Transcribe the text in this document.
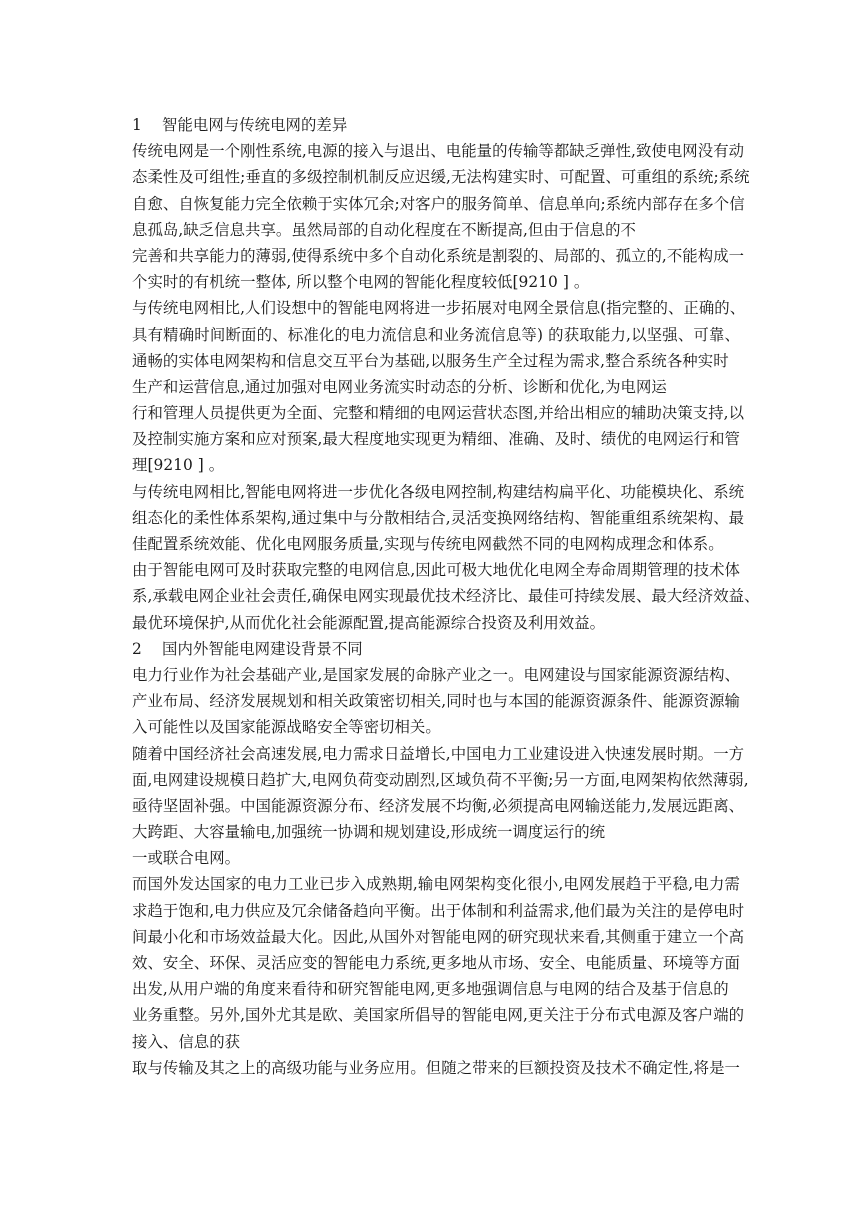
1 智能电网与传统电网的差异
传统电网是一个刚性系统,电源的接入与退出、电能量的传输等都缺乏弹性,致使电网没有动
态柔性及可组性;垂直的多级控制机制反应迟缓,无法构建实时、可配置、可重组的系统;系统
自愈、自恢复能力完全依赖于实体冗余;对客户的服务简单、信息单向;系统内部存在多个信
息孤岛,缺乏信息共享。虽然局部的自动化程度在不断提高,但由于信息的不
完善和共享能力的薄弱,使得系统中多个自动化系统是割裂的、局部的、孤立的,不能构成一
个实时的有机统一整体, 所以整个电网的智能化程度较低[9210 ] 。
与传统电网相比,人们设想中的智能电网将进一步拓展对电网全景信息(指完整的、正确的、
具有精确时间断面的、标准化的电力流信息和业务流信息等) 的获取能力,以坚强、可靠、
通畅的实体电网架构和信息交互平台为基础,以服务生产全过程为需求,整合系统各种实时
生产和运营信息,通过加强对电网业务流实时动态的分析、诊断和优化,为电网运
行和管理人员提供更为全面、完整和精细的电网运营状态图,并给出相应的辅助决策支持,以
及控制实施方案和应对预案,最大程度地实现更为精细、准确、及时、绩优的电网运行和管
理[9210 ] 。
与传统电网相比,智能电网将进一步优化各级电网控制,构建结构扁平化、功能模块化、系统
组态化的柔性体系架构,通过集中与分散相结合,灵活变换网络结构、智能重组系统架构、最
佳配置系统效能、优化电网服务质量,实现与传统电网截然不同的电网构成理念和体系。
由于智能电网可及时获取完整的电网信息,因此可极大地优化电网全寿命周期管理的技术体
系,承载电网企业社会责任,确保电网实现最优技术经济比、最佳可持续发展、最大经济效益、
最优环境保护,从而优化社会能源配置,提高能源综合投资及利用效益。
2 国内外智能电网建设背景不同
电力行业作为社会基础产业,是国家发展的命脉产业之一。电网建设与国家能源资源结构、
产业布局、经济发展规划和相关政策密切相关,同时也与本国的能源资源条件、能源资源输
入可能性以及国家能源战略安全等密切相关。
随着中国经济社会高速发展,电力需求日益增长,中国电力工业建设进入快速发展时期。一方
面,电网建设规模日趋扩大,电网负荷变动剧烈,区域负荷不平衡;另一方面,电网架构依然薄弱,
亟待坚固补强。中国能源资源分布、经济发展不均衡,必须提高电网输送能力,发展远距离、
大跨距、大容量输电,加强统一协调和规划建设,形成统一调度运行的统
一或联合电网。
而国外发达国家的电力工业已步入成熟期,输电网架构变化很小,电网发展趋于平稳,电力需
求趋于饱和,电力供应及冗余储备趋向平衡。出于体制和利益需求,他们最为关注的是停电时
间最小化和市场效益最大化。因此,从国外对智能电网的研究现状来看,其侧重于建立一个高
效、安全、环保、灵活应变的智能电力系统,更多地从市场、安全、电能质量、环境等方面
出发,从用户端的角度来看待和研究智能电网,更多地强调信息与电网的结合及基于信息的
业务重整。另外,国外尤其是欧、美国家所倡导的智能电网,更关注于分布式电源及客户端的
接入、信息的获
取与传输及其之上的高级功能与业务应用。但随之带来的巨额投资及技术不确定性,将是一
